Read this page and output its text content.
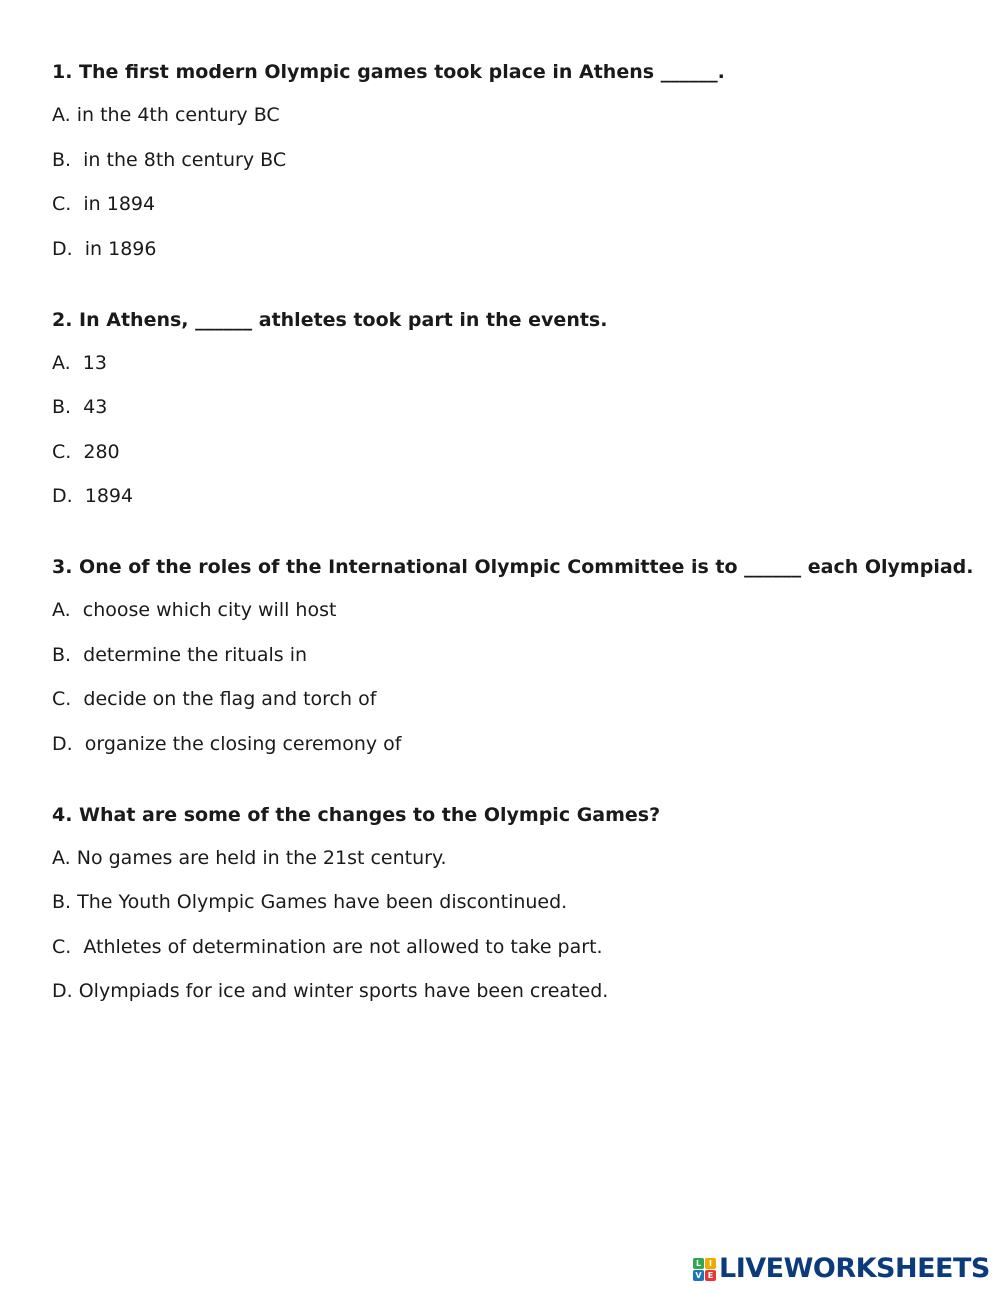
1. The first modern Olympic games took place in Athens ______.
A. in the 4th century BC
B.  in the 8th century BC
C.  in 1894
D.  in 1896
2. In Athens, ______ athletes took part in the events.
A.  13
B.  43
C.  280
D.  1894
3. One of the roles of the International Olympic Committee is to ______ each Olympiad.
A.  choose which city will host
B.  determine the rituals in
C.  decide on the flag and torch of
D.  organize the closing ceremony of
4. What are some of the changes to the Olympic Games?
A. No games are held in the 21st century.
B. The Youth Olympic Games have been discontinued.
C.  Athletes of determination are not allowed to take part.
D. Olympiads for ice and winter sports have been created.
L I
V E LIVEWORKSHEETS
